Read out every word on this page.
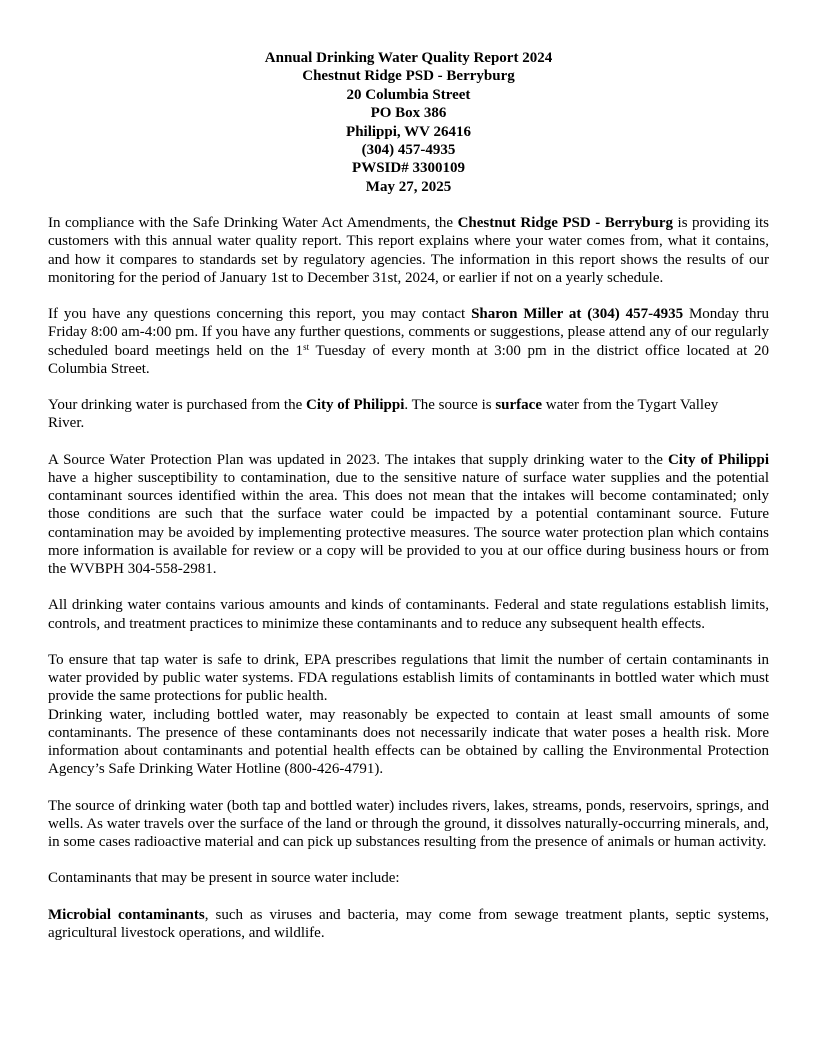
Annual Drinking Water Quality Report 2024
Chestnut Ridge PSD - Berryburg
20 Columbia Street
PO Box 386
Philippi, WV 26416
(304) 457-4935
PWSID# 3300109
May 27, 2025

In compliance with the Safe Drinking Water Act Amendments, the Chestnut Ridge PSD - Berryburg is providing its customers with this annual water quality report. This report explains where your water comes from, what it contains, and how it compares to standards set by regulatory agencies. The information in this report shows the results of our monitoring for the period of January 1st to December 31st, 2024, or earlier if not on a yearly schedule.

If you have any questions concerning this report, you may contact Sharon Miller at (304) 457-4935 Monday thru Friday 8:00 am-4:00 pm. If you have any further questions, comments or suggestions, please attend any of our regularly scheduled board meetings held on the 1st Tuesday of every month at 3:00 pm in the district office located at 20 Columbia Street.

Your drinking water is purchased from the City of Philippi. The source is surface water from the Tygart Valley River.

A Source Water Protection Plan was updated in 2023. The intakes that supply drinking water to the City of Philippi have a higher susceptibility to contamination, due to the sensitive nature of surface water supplies and the potential contaminant sources identified within the area. This does not mean that the intakes will become contaminated; only those conditions are such that the surface water could be impacted by a potential contaminant source. Future contamination may be avoided by implementing protective measures. The source water protection plan which contains more information is available for review or a copy will be provided to you at our office during business hours or from the WVBPH 304-558-2981.

All drinking water contains various amounts and kinds of contaminants. Federal and state regulations establish limits, controls, and treatment practices to minimize these contaminants and to reduce any subsequent health effects.

To ensure that tap water is safe to drink, EPA prescribes regulations that limit the number of certain contaminants in water provided by public water systems. FDA regulations establish limits of contaminants in bottled water which must provide the same protections for public health.

Drinking water, including bottled water, may reasonably be expected to contain at least small amounts of some contaminants. The presence of these contaminants does not necessarily indicate that water poses a health risk. More information about contaminants and potential health effects can be obtained by calling the Environmental Protection Agency’s Safe Drinking Water Hotline (800-426-4791).

The source of drinking water (both tap and bottled water) includes rivers, lakes, streams, ponds, reservoirs, springs, and wells. As water travels over the surface of the land or through the ground, it dissolves naturally-occurring minerals, and, in some cases radioactive material and can pick up substances resulting from the presence of animals or human activity.

Contaminants that may be present in source water include:

Microbial contaminants, such as viruses and bacteria, may come from sewage treatment plants, septic systems, agricultural livestock operations, and wildlife.
